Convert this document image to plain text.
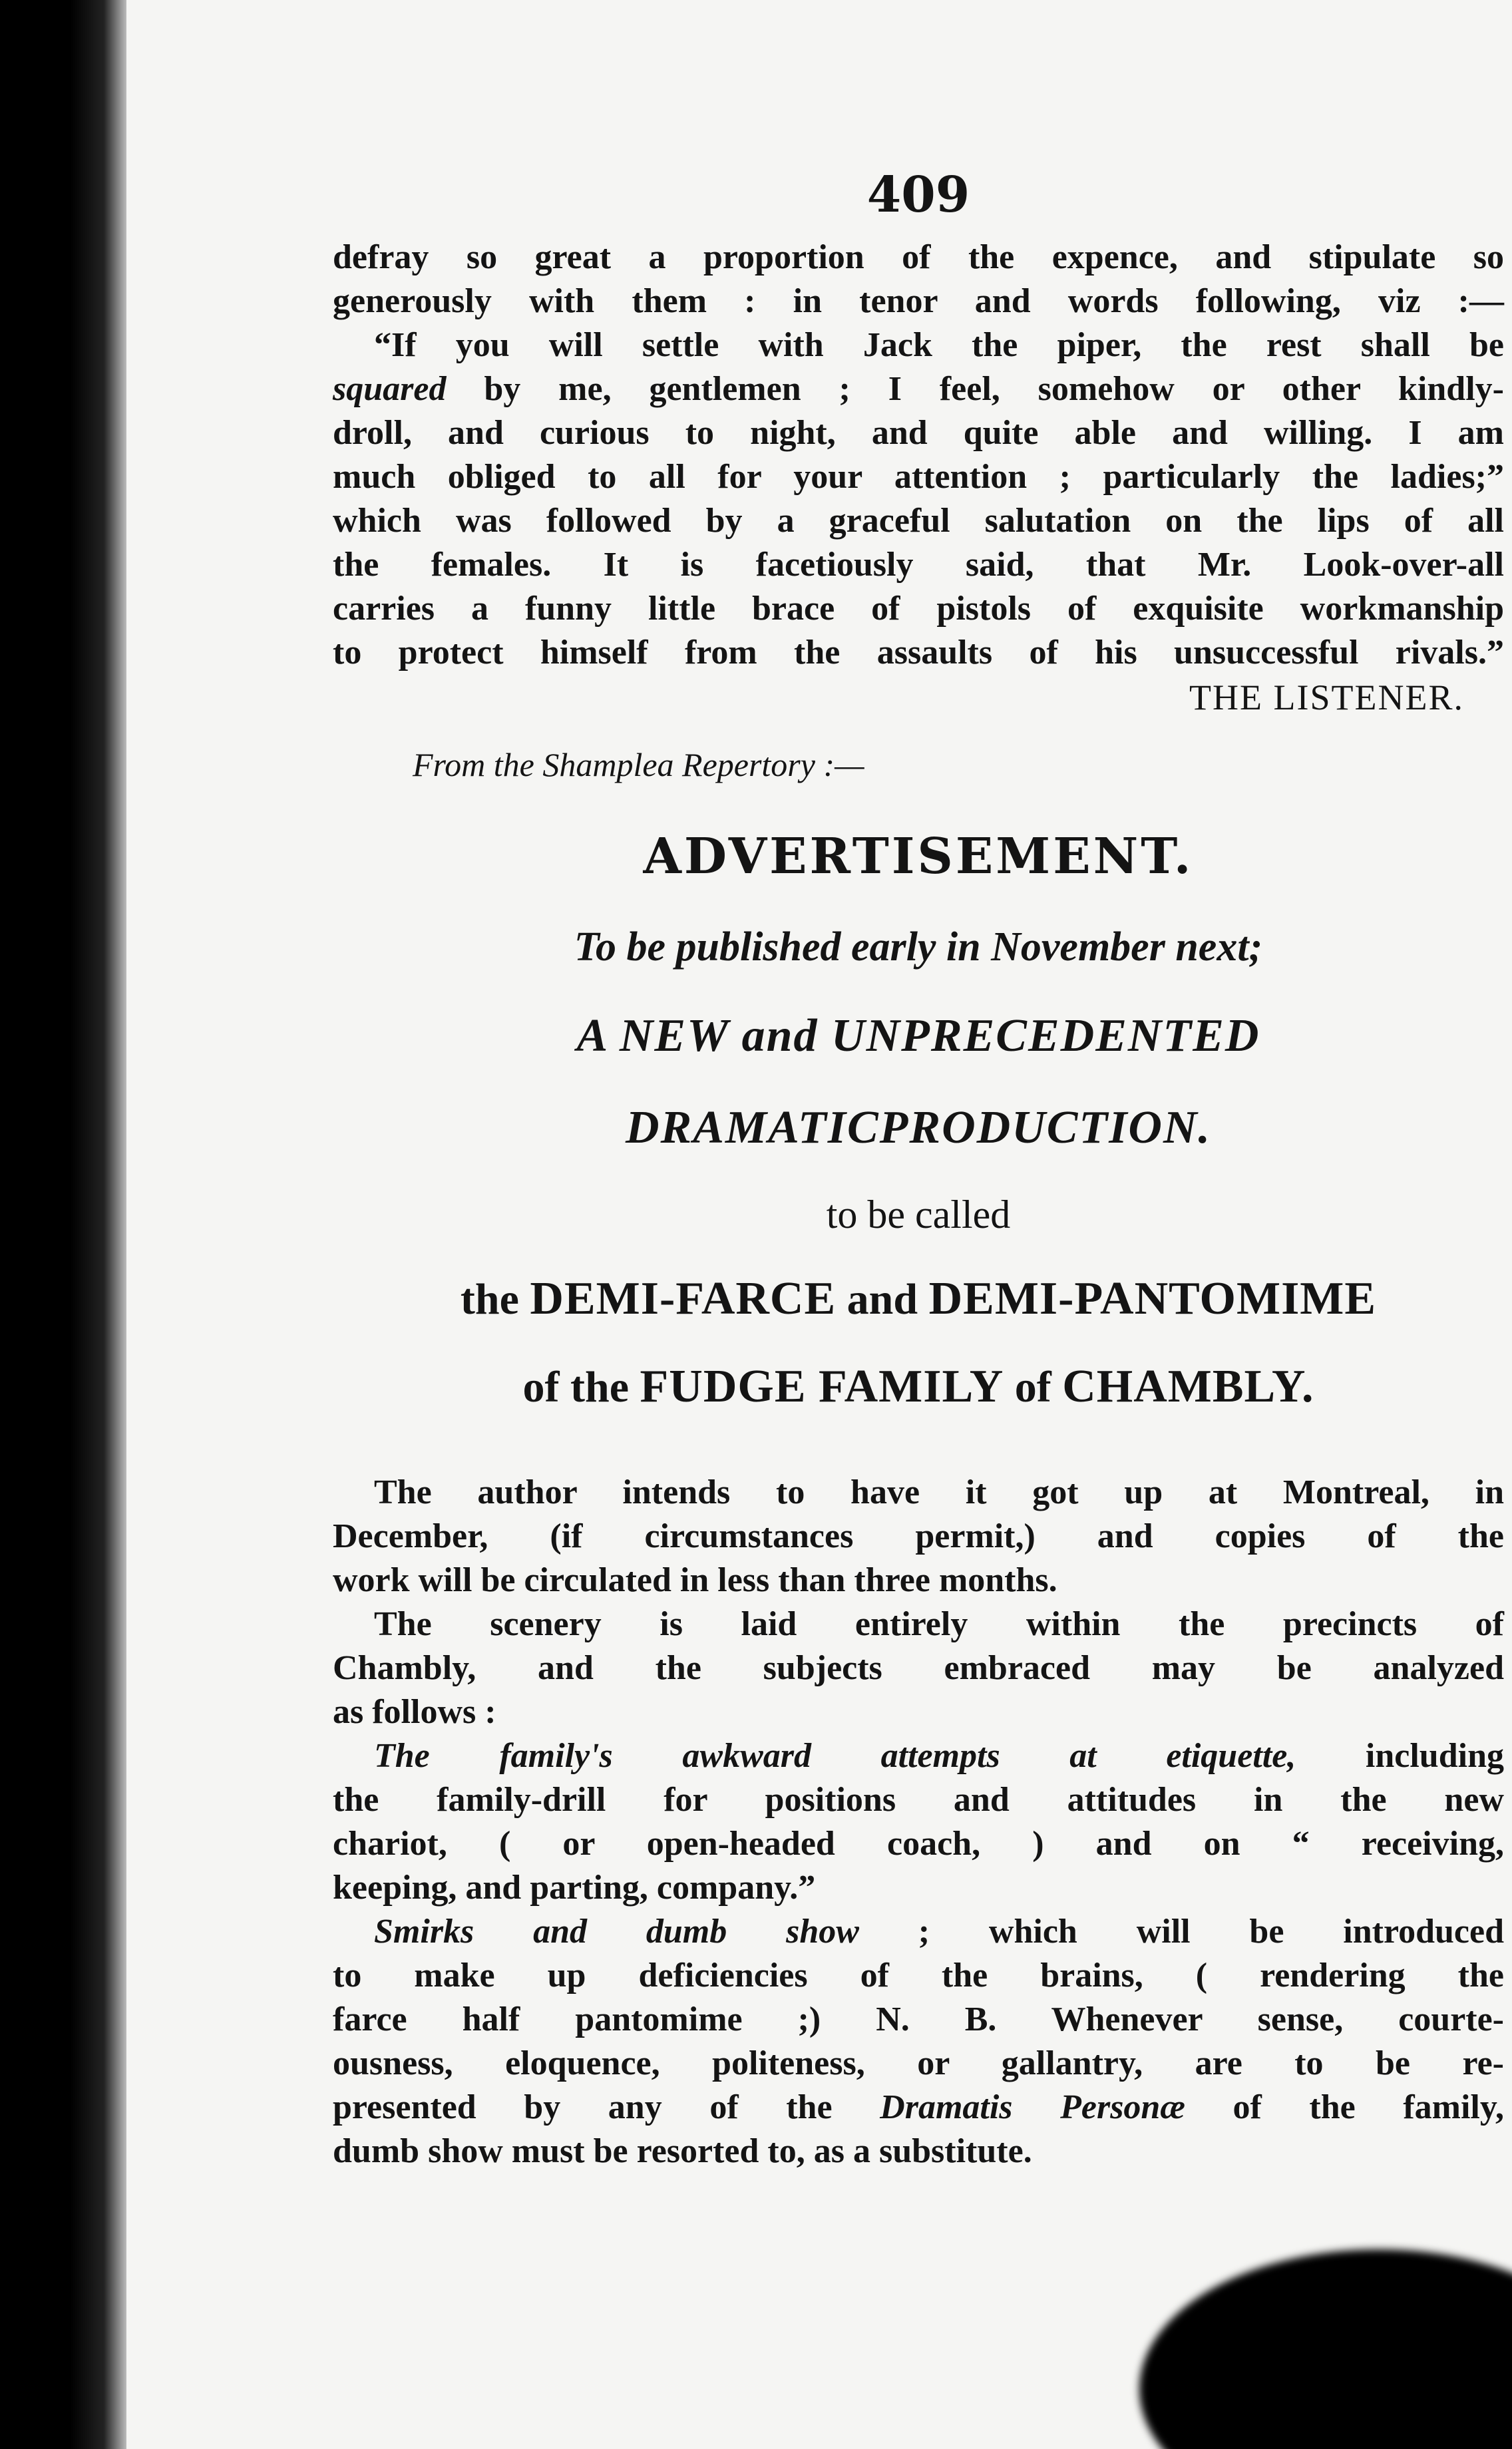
409
defray so great a proportion of the expence, and stipulate so
generously with them : in tenor and words following, viz :—
“If you will settle with Jack the piper, the rest shall be
squared by me, gentlemen ; I feel, somehow or other kindly-
droll, and curious to night, and quite able and willing. I am
much obliged to all for your attention ; particularly the ladies;”
which was followed by a graceful salutation on the lips of all
the females. It is facetiously said, that Mr. Look-over-all
carries a funny little brace of pistols of exquisite workmanship
to protect himself from the assaults of his unsuccessful rivals.”
THE LISTENER.
From the Shamplea Repertory :—
ADVERTISEMENT.
To be published early in November next;
A NEW and UNPRECEDENTED
DRAMATICPRODUCTION.
to be called
the DEMI-FARCE and DEMI-PANTOMIME
of the FUDGE FAMILY of CHAMBLY.
The author intends to have it got up at Montreal, in
December, (if circumstances permit,) and copies of the
work will be circulated in less than three months.
The scenery is laid entirely within the precincts of
Chambly, and the subjects embraced may be analyzed
as follows :
The family's awkward attempts at etiquette, including
the family-drill for positions and attitudes in the new
chariot, ( or open-headed coach, ) and on “ receiving,
keeping, and parting, company.”
Smirks and dumb show ; which will be introduced
to make up deficiencies of the brains, ( rendering the
farce half pantomime ;) N. B. Whenever sense, courte-
ousness, eloquence, politeness, or gallantry, are to be re-
presented by any of the Dramatis Personæ of the family,
dumb show must be resorted to, as a substitute.
